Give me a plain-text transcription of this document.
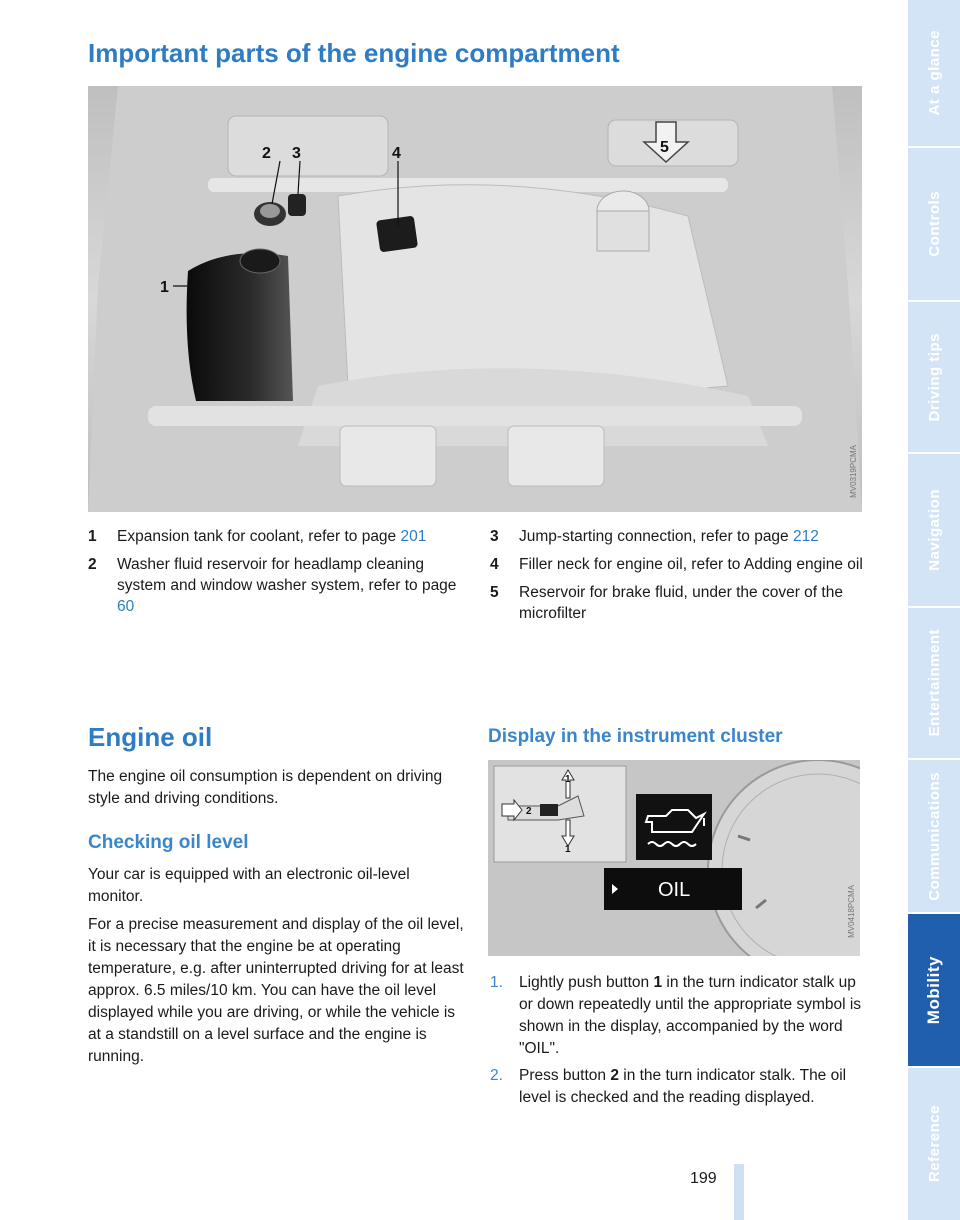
Important parts of the engine compartment
2 3	4
1
5
MV0319PCMA
1 Expansion tank for coolant, refer to page 201
2 Washer fluid reservoir for headlamp cleaning system and window washer system, refer to page 60
3 Jump-starting connection, refer to page 212
4 Filler neck for engine oil, refer to Adding engine oil
5 Reservoir for brake fluid, under the cover of the microfilter
Engine oil

The engine oil consumption is dependent on driving style and driving conditions.

Checking oil level

Your car is equipped with an electronic oil-level monitor.

For a precise measurement and display of the oil level, it is necessary that the engine be at operating temperature, e.g. after uninterrupted driving for at least approx. 6.5 miles/10 km. You can have the oil level displayed while you are driving, or while the vehicle is at a standstill on a level surface and the engine is running.

Display in the instrument cluster
1
2
1
OIL	MV0418PCMA
1. Lightly push button 1 in the turn indicator stalk up or down repeatedly until the appropriate symbol is shown in the display, accompanied by the word "OIL".
2. Press button 2 in the turn indicator stalk. The oil level is checked and the reading displayed.
199
At a glance
Controls
Driving tips
Navigation
Entertainment
Communications
Mobility
Reference
